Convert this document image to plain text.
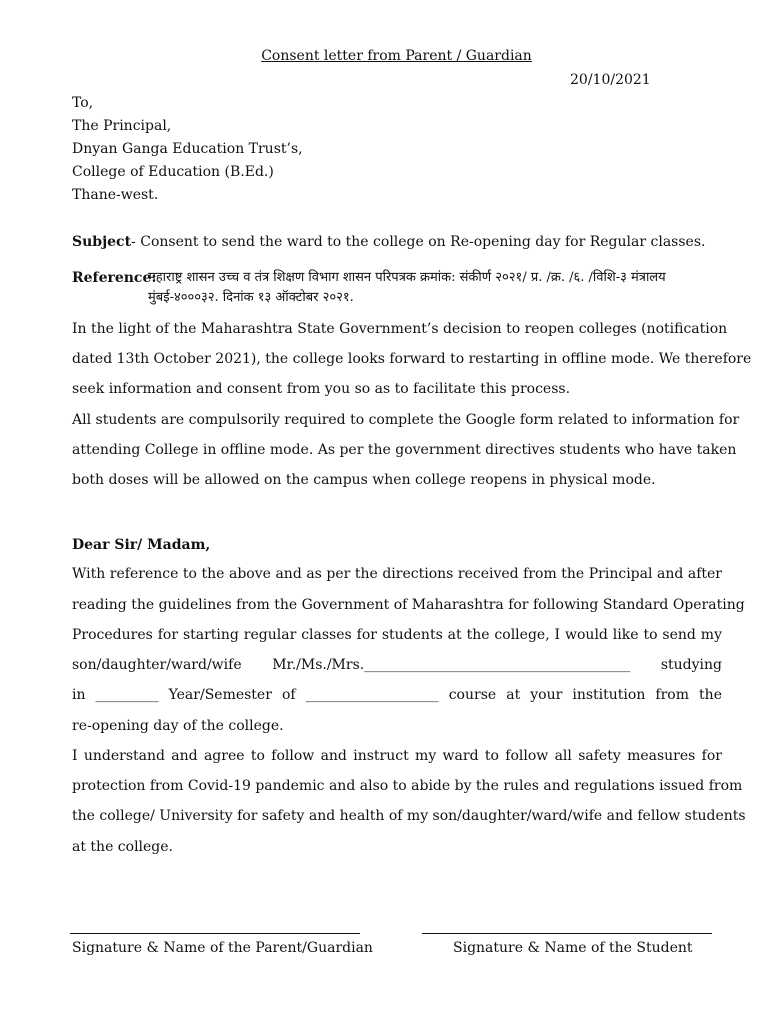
Consent letter from Parent / Guardian
20/10/2021
To,
The Principal,
Dnyan Ganga Education Trust’s,
College of Education (B.Ed.)
Thane-west.
Subject- Consent to send the ward to the college on Re-opening day for Regular classes.
Reference:
महाराष्ट्र शासन उच्च व तंत्र शिक्षण विभाग शासन परिपत्रक क्रमांक: संकीर्ण २०२१/ प्र. /क्र. /६. /विशि-३ मंत्रालय
मुंबई-४०००३२. दिनांक १३ ऑक्टोबर २०२१.
In the light of the Maharashtra State Government’s decision to reopen colleges (notification
dated 13th October 2021), the college looks forward to restarting in offline mode. We therefore
seek information and consent from you so as to facilitate this process.
All students are compulsorily required to complete the Google form related to information for
attending College in offline mode. As per the government directives students who have taken
both doses will be allowed on the campus when college reopens in physical mode.
Dear Sir/ Madam,
With reference to the above and as per the directions received from the Principal and after
reading the guidelines from the Government of Maharashtra for following Standard Operating
Procedures for starting regular classes for students at the college, I would like to send my
son/daughter/ward/wife Mr./Ms./Mrs.______________________________________ studying
in _________ Year/Semester of ___________________ course at your institution from the
re-opening day of the college.
I understand and agree to follow and instruct my ward to follow all safety measures for
protection from Covid-19 pandemic and also to abide by the rules and regulations issued from
the college/ University for safety and health of my son/daughter/ward/wife and fellow students
at the college.
Signature & Name of the Parent/Guardian	Signature & Name of the Student
